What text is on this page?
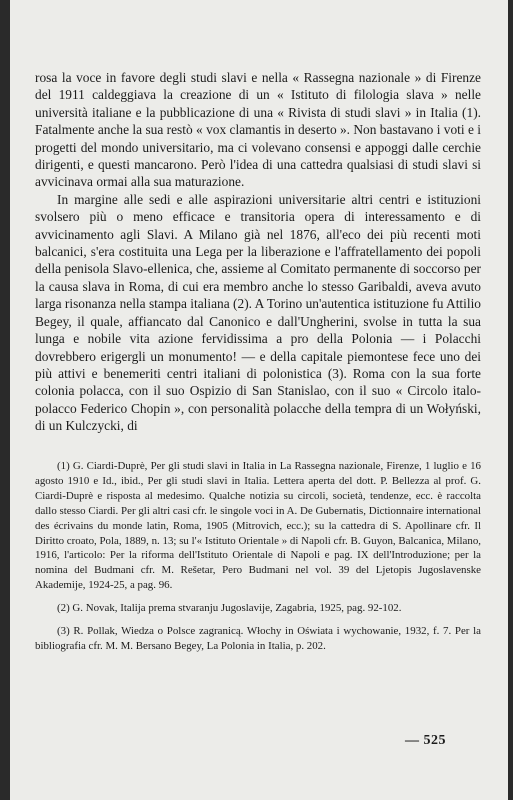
rosa la voce in favore degli studi slavi e nella « Rassegna nazionale » di Firenze del 1911 caldeggiava la creazione di un « Istituto di filologia slava » nelle università italiane e la pubblicazione di una « Rivista di studi slavi » in Italia (1). Fatalmente anche la sua restò « vox clamantis in deserto ». Non bastavano i voti e i progetti del mondo universitario, ma ci volevano consensi e appoggi dalle cerchie dirigenti, e questi mancarono. Però l'idea di una cattedra qualsiasi di studi slavi si avvicinava ormai alla sua maturazione.

In margine alle sedi e alle aspirazioni universitarie altri centri e istituzioni svolsero più o meno efficace e transitoria opera di interessamento e di avvicinamento agli Slavi. A Milano già nel 1876, all'eco dei più recenti moti balcanici, s'era costituita una Lega per la liberazione e l'affratellamento dei popoli della penisola Slavo-ellenica, che, assieme al Comitato permanente di soccorso per la causa slava in Roma, di cui era membro anche lo stesso Garibaldi, aveva avuto larga risonanza nella stampa italiana (2). A Torino un'autentica istituzione fu Attilio Begey, il quale, affiancato dal Canonico e dall'Ungherini, svolse in tutta la sua lunga e nobile vita azione fervidissima a pro della Polonia — i Polacchi dovrebbero erigergli un monumento! — e della capitale piemontese fece uno dei più attivi e benemeriti centri italiani di polonistica (3). Roma con la sua forte colonia polacca, con il suo Ospizio di San Stanislao, con il suo « Circolo italo-polacco Federico Chopin », con personalità polacche della tempra di un Wołyński, di un Kulczycki, di

(1) G. Ciardi-Duprè, Per gli studi slavi in Italia in La Rassegna nazionale, Firenze, 1 luglio e 16 agosto 1910 e Id., ibid., Per gli studi slavi in Italia. Lettera aperta del dott. P. Bellezza al prof. G. Ciardi-Duprè e risposta al medesimo. Qualche notizia su circoli, società, tendenze, ecc. è raccolta dallo stesso Ciardi. Per gli altri casi cfr. le singole voci in A. De Gubernatis, Dictionnaire international des écrivains du monde latin, Roma, 1905 (Mitrovich, ecc.); su la cattedra di S. Apollinare cfr. Il Diritto croato, Pola, 1889, n. 13; su l'« Istituto Orientale » di Napoli cfr. B. Guyon, Balcanica, Milano, 1916, l'articolo: Per la riforma dell'Istituto Orientale di Napoli e pag. IX dell'Introduzione; per la nomina del Budmani cfr. M. Rešetar, Pero Budmani nel vol. 39 del Ljetopis Jugoslavenske Akademije, 1924-25, a pag. 96.

(2) G. Novak, Italija prema stvaranju Jugoslavije, Zagabria, 1925, pag. 92-102.

(3) R. Pollak, Wiedza o Polsce zagranicą. Włochy in Oświata i wychowanie, 1932, f. 7. Per la bibliografia cfr. M. M. Bersano Begey, La Polonia in Italia, p. 202.

— 525
